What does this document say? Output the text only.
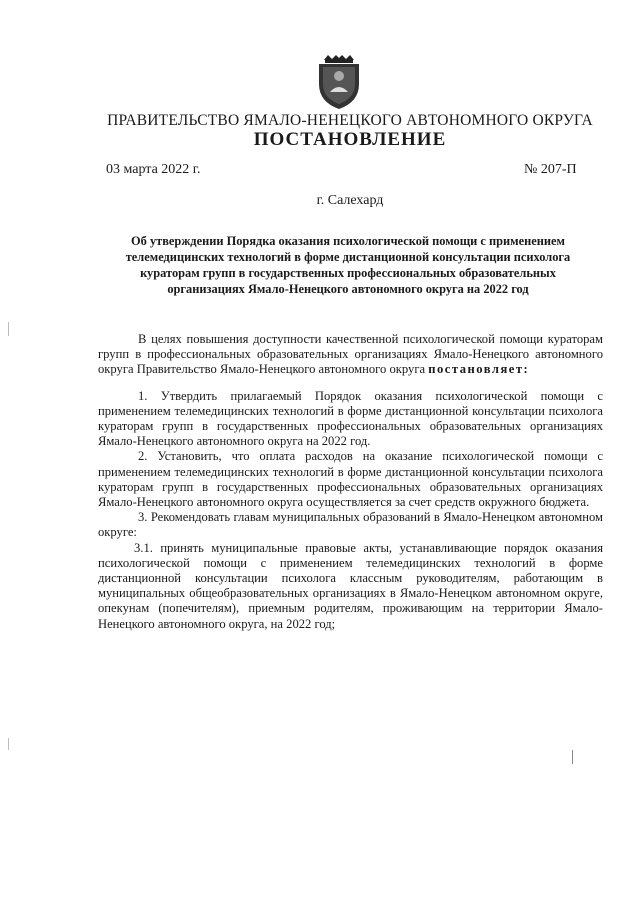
ПРАВИТЕЛЬСТВО ЯМАЛО-НЕНЕЦКОГО АВТОНОМНОГО ОКРУГА
ПОСТАНОВЛЕНИЕ
03 марта 2022 г.	№ 207-П
г. Салехард
Об утверждении Порядка оказания психологической помощи с применением телемедицинских технологий в форме дистанционной консультации психолога кураторам групп в государственных профессиональных образовательных организациях Ямало-Ненецкого автономного округа на 2022 год

В целях повышения доступности качественной психологической помощи кураторам групп в профессиональных образовательных организациях Ямало-Ненецкого автономного округа Правительство Ямало-Ненецкого автономного округа постановляет:

1. Утвердить прилагаемый Порядок оказания психологической помощи с применением телемедицинских технологий в форме дистанционной консультации психолога кураторам групп в государственных профессиональных образовательных организациях Ямало-Ненецкого автономного округа на 2022 год.

2. Установить, что оплата расходов на оказание психологической помощи с применением телемедицинских технологий в форме дистанционной консультации психолога кураторам групп в государственных профессиональных образовательных организациях Ямало-Ненецкого автономного округа осуществляется за счет средств окружного бюджета.

3. Рекомендовать главам муниципальных образований в Ямало-Ненецком автономном округе:

3.1. принять муниципальные правовые акты, устанавливающие порядок оказания психологической помощи с применением телемедицинских технологий в форме дистанционной консультации психолога классным руководителям, работающим в муниципальных общеобразовательных организациях в Ямало-Ненецком автономном округе, опекунам (попечителям), приемным родителям, проживающим на территории Ямало-Ненецкого автономного округа, на 2022 год;
